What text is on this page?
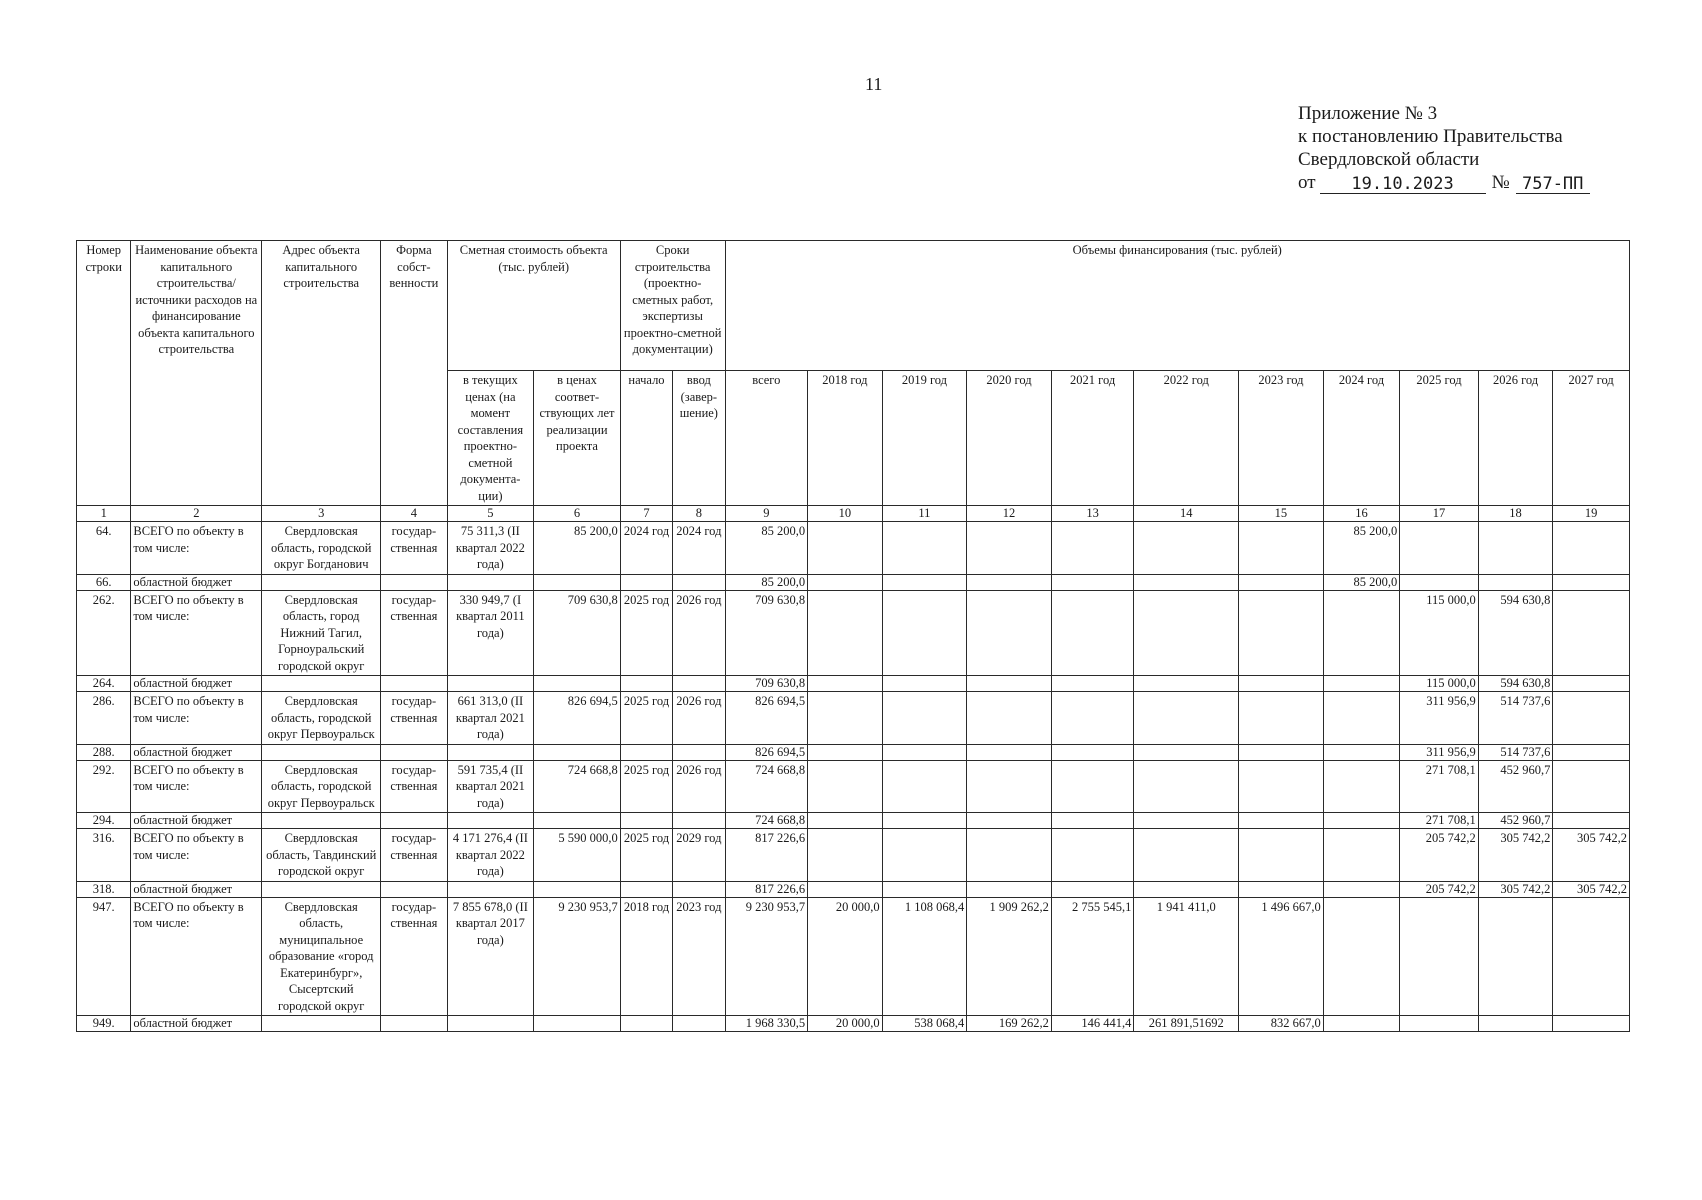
11
Приложение № 3
к постановлению Правительства
Свердловской области
от	19.10.2023	№ 757-ПП
Номер строки	Наименование объекта капитального строительства/ источники расходов на финансирование объекта капитального строительства	Адрес объекта капитального строительства	Форма собст-венности	Сметная стоимость объекта (тыс. рублей)		Сроки строительства (проектно-сметных работ, экспертизы проектно-сметной документации)		Объемы финансирования (тыс. рублей)										
				в текущих ценах (на момент составления проектно-сметной документа-ции)	в ценах соответ-ствующих лет реализации проекта	начало	ввод (завер-шение)	всего	2018 год	2019 год	2020 год	2021 год	2022 год	2023 год	2024 год	2025 год	2026 год	2027 год
1	2	3	4	5	6	7	8	9	10	11	12	13	14	15	16	17	18	19
64.	ВСЕГО по объекту в том числе:	Свердловская область, городской округ Богданович	государ-ственная	75 311,3 (II квартал 2022 года)	85 200,0	2024 год	2024 год	85 200,0							85 200,0			
66.	областной бюджет							85 200,0							85 200,0			
262.	ВСЕГО по объекту в том числе:	Свердловская область, город Нижний Тагил, Горноуральский городской округ	государ-ственная	330 949,7 (I квартал 2011 года)	709 630,8	2025 год	2026 год	709 630,8								115 000,0	594 630,8	
264.	областной бюджет							709 630,8								115 000,0	594 630,8	
286.	ВСЕГО по объекту в том числе:	Свердловская область, городской округ Первоуральск	государ-ственная	661 313,0 (II квартал 2021 года)	826 694,5	2025 год	2026 год	826 694,5								311 956,9	514 737,6	
288.	областной бюджет							826 694,5								311 956,9	514 737,6	
292.	ВСЕГО по объекту в том числе:	Свердловская область, городской округ Первоуральск	государ-ственная	591 735,4 (II квартал 2021 года)	724 668,8	2025 год	2026 год	724 668,8								271 708,1	452 960,7	
294.	областной бюджет							724 668,8								271 708,1	452 960,7	
316.	ВСЕГО по объекту в том числе:	Свердловская область, Тавдинский городской округ	государ-ственная	4 171 276,4 (II квартал 2022 года)	5 590 000,0	2025 год	2029 год	817 226,6								205 742,2	305 742,2	305 742,2
318.	областной бюджет							817 226,6								205 742,2	305 742,2	305 742,2
947.	ВСЕГО по объекту в том числе:	Свердловская область, муниципальное образование «город Екатеринбург», Сысертский городской округ	государ-ственная	7 855 678,0 (II квартал 2017 года)	9 230 953,7	2018 год	2023 год	9 230 953,7	20 000,0	1 108 068,4	1 909 262,2	2 755 545,1	1 941 411,0	1 496 667,0				
949.	областной бюджет							1 968 330,5	20 000,0	538 068,4	169 262,2	146 441,4	261 891,51692	832 667,0				
